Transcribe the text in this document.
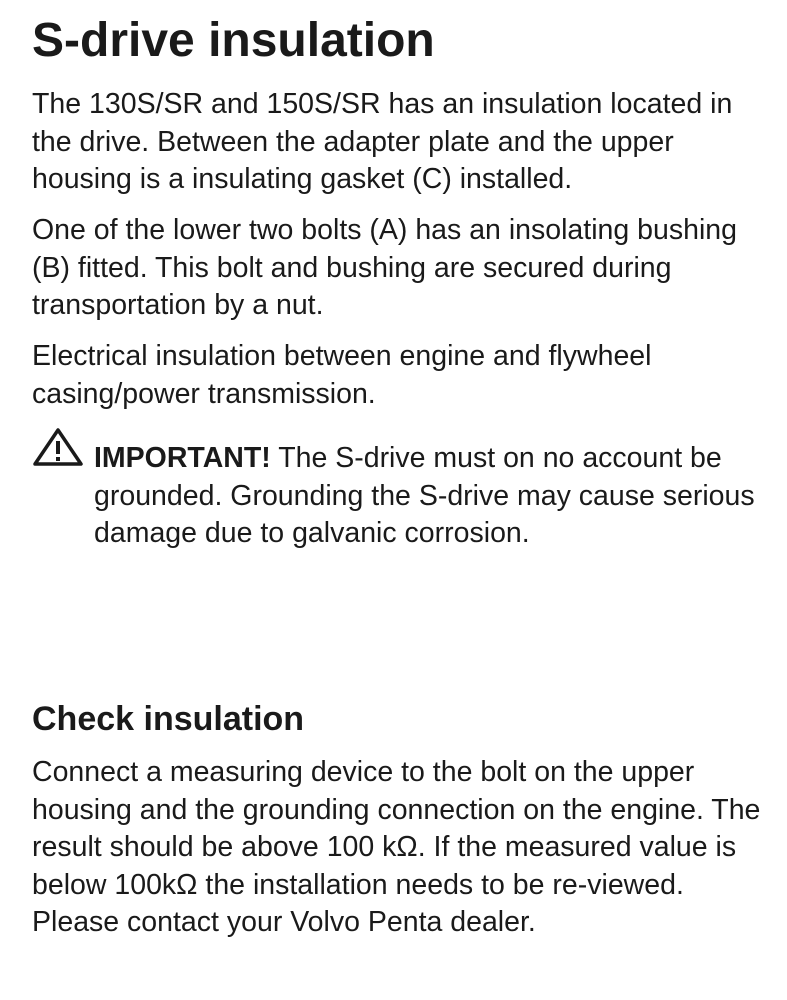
S-drive insulation

The 130S/SR and 150S/SR has an insulation located in the drive. Between the adapter plate and the upper housing is a insulating gasket (C) installed.

One of the lower two bolts (A) has an insolating bushing (B) fitted. This bolt and bushing are secured during transportation by a nut.

Electrical insulation between engine and flywheel casing/power transmission.

IMPORTANT! The S-drive must on no account be grounded. Grounding the S-drive may cause serious damage due to galvanic corrosion.

Check insulation

Connect a measuring device to the bolt on the upper housing and the grounding connection on the engine. The result should be above 100 kΩ. If the measured value is below 100kΩ the installation needs to be re-viewed. Please contact your Volvo Penta dealer.
